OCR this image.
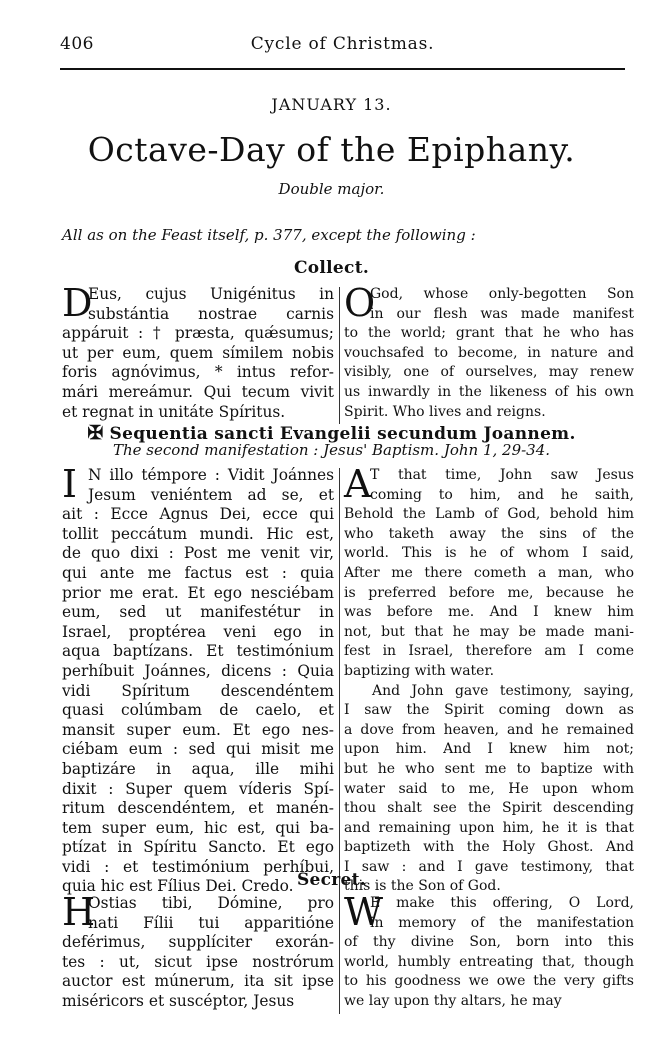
406	Cycle of Christmas.
JANUARY 13.
Octave-Day of the Epiphany.
Double major.
All as on the Feast itself, p. 377, except the following :
Collect.
D
Eus, cujus Unigénitus in
substántia nostrae carnis
appáruit : † præsta, quǽsumus;
ut per eum, quem símilem nobis
foris agnóvimus, * intus refor-
mári mereámur. Qui tecum vivit
et regnat in unitáte Spíritus.
O
God, whose only-begotten Son
in our flesh was made manifest
to the world; grant that he who has
vouchsafed to become, in nature and
visibly, one of ourselves, may renew
us inwardly in the likeness of his own
Spirit. Who lives and reigns.
✠ Sequentia sancti Evangelii secundum Joannem.
The second manifestation : Jesus' Baptism. John 1, 29-34.
I N illo témpore : Vidit Joánnes
Jesum veniéntem ad se, et
ait : Ecce Agnus Dei, ecce qui
tollit peccátum mundi. Hic est,
de quo dixi : Post me venit vir,
qui ante me factus est : quia
prior me erat. Et ego nesciébam
eum, sed ut manifestétur in
Israel, proptérea veni ego in
aqua baptízans. Et testimónium
perhíbuit Joánnes, dicens : Quia
vidi Spíritum descendéntem
quasi colúmbam de caelo, et
mansit super eum. Et ego nes-
ciébam eum : sed qui misit me
baptizáre in aqua, ille mihi
dixit : Super quem víderis Spí-
ritum descendéntem, et manén-
tem super eum, hic est, qui ba-
ptízat in Spíritu Sancto. Et ego
vidi : et testimónium perhíbui,
quia hic est Fílius Dei. Credo.
A
T that time, John saw Jesus
coming to him, and he saith,
Behold the Lamb of God, behold him
who taketh away the sins of the
world. This is he of whom I said,
After me there cometh a man, who
is preferred before me, because he
was before me. And I knew him
not, but that he may be made mani-
fest in Israel, therefore am I come
baptizing with water.
And John gave testimony, saying,
I saw the Spirit coming down as
a dove from heaven, and he remained
upon him. And I knew him not;
but he who sent me to baptize with
water said to me, He upon whom
thou shalt see the Spirit descending
and remaining upon him, he it is that
baptizeth with the Holy Ghost. And
I saw : and I gave testimony, that
this is the Son of God.
Secret.
H
Ostias tibi, Dómine, pro
nati Fílii tui apparitióne
deférimus, supplíciter exorán-
tes : ut, sicut ipse nostrórum
auctor est múnerum, ita sit ipse
miséricors et suscéptor, Jesus
W
E make this offering, O Lord,
in memory of the manifestation
of thy divine Son, born into this
world, humbly entreating that, though
to his goodness we owe the very gifts
we lay upon thy altars, he may
